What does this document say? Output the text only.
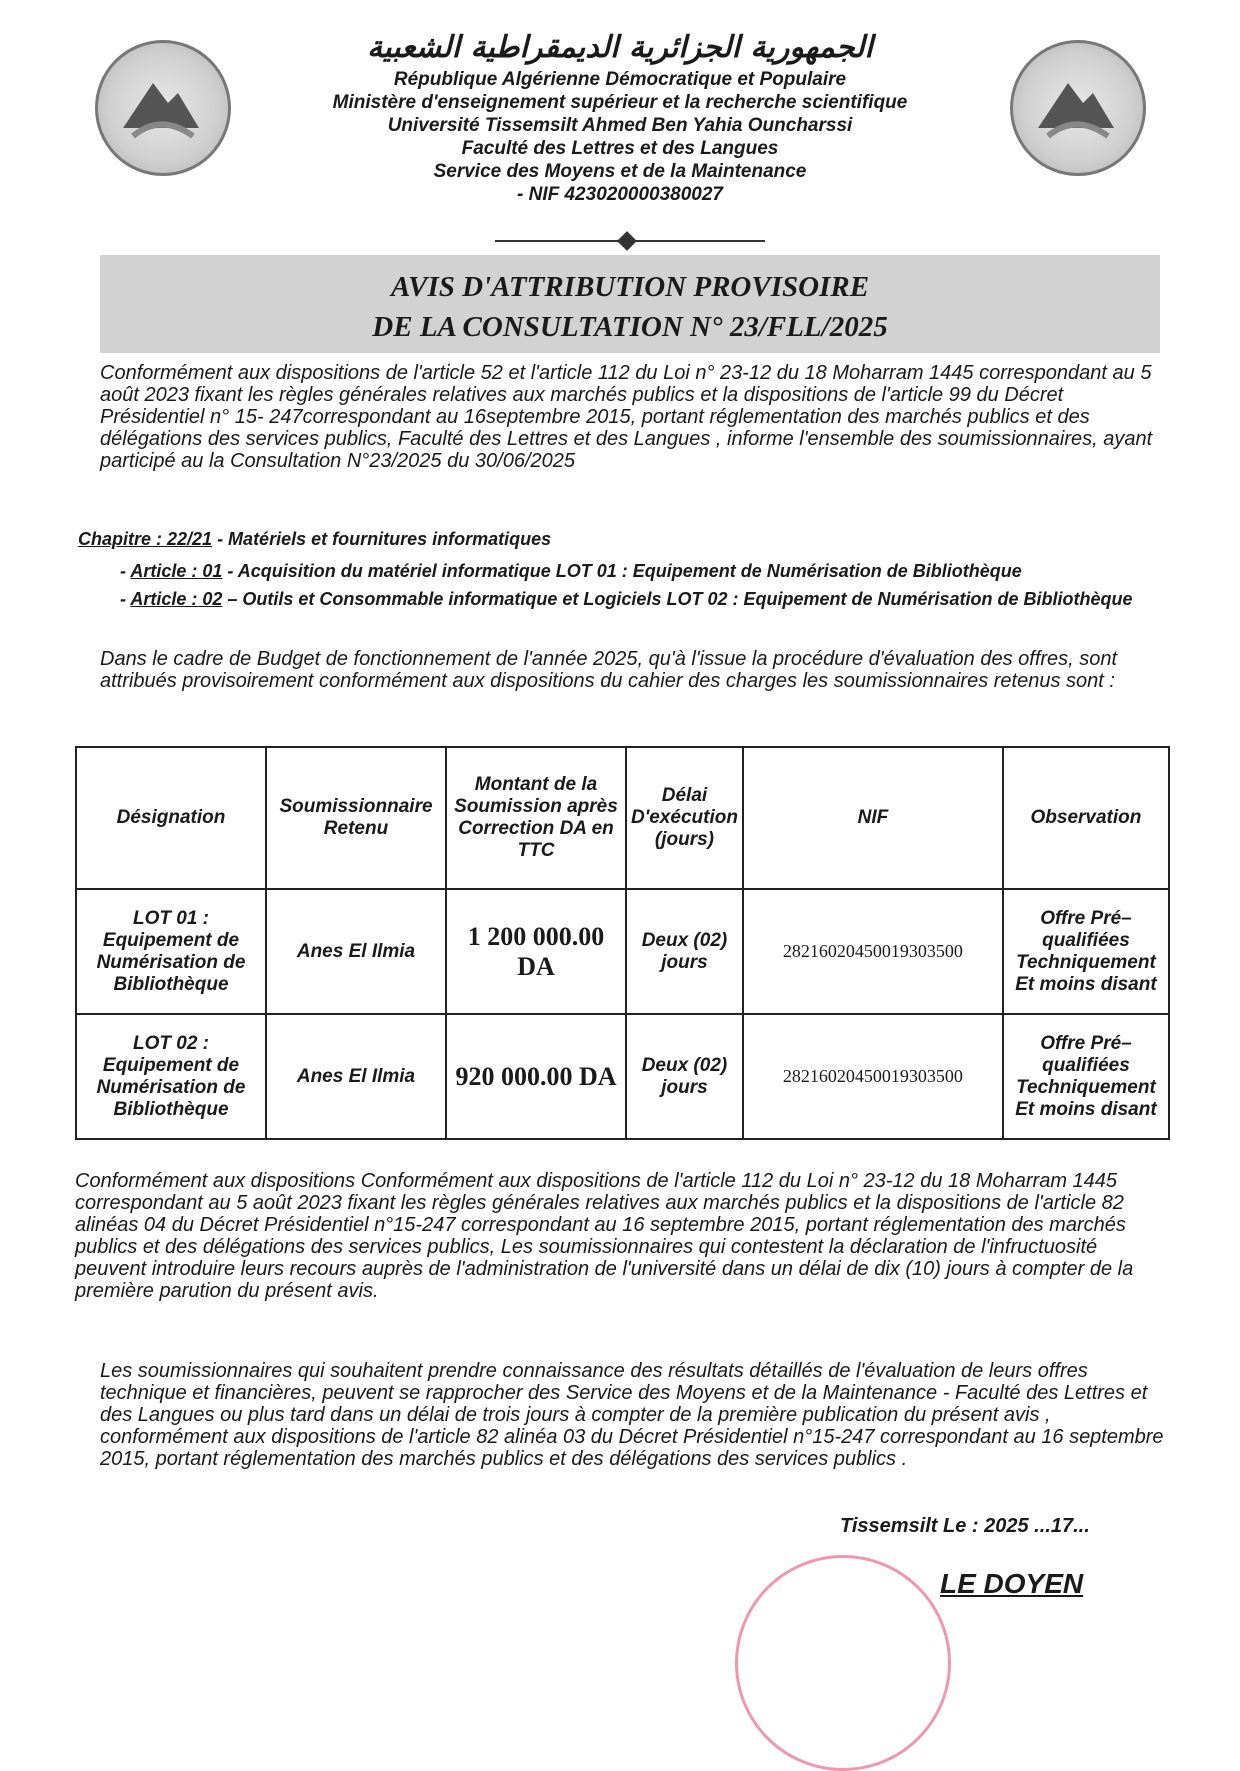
الجمهورية الجزائرية الديمقراطية الشعبية
République Algérienne Démocratique et Populaire
Ministère d'enseignement supérieur et la recherche scientifique
Université Tissemsilt Ahmed Ben Yahia Ouncharssi
Faculté des Lettres et des Langues
Service des Moyens et de la Maintenance
- NIF 423020000380027
AVIS D'ATTRIBUTION PROVISOIRE
DE LA CONSULTATION N° 23/FLL/2025
Conformément aux dispositions de l'article 52 et l'article 112 du Loi n° 23-12 du 18 Moharram 1445 correspondant au 5 août 2023 fixant les règles générales relatives aux marchés publics et la dispositions de l'article 99 du Décret Présidentiel n° 15- 247correspondant au 16septembre 2015, portant réglementation des marchés publics et des délégations des services publics, Faculté des Lettres et des Langues , informe l'ensemble des soumissionnaires, ayant participé au la Consultation N°23/2025 du 30/06/2025
Chapitre : 22/21 - Matériels et fournitures informatiques
- Article : 01 - Acquisition du matériel informatique LOT 01 : Equipement de Numérisation de Bibliothèque
- Article : 02 – Outils et Consommable informatique et Logiciels LOT 02 : Equipement de Numérisation de Bibliothèque
Dans le cadre de Budget de fonctionnement de l'année 2025, qu'à l'issue la procédure d'évaluation des offres, sont attribués provisoirement conformément aux dispositions du cahier des charges les soumissionnaires retenus sont :
Désignation	Soumissionnaire Retenu	Montant de la Soumission après Correction DA en TTC	Délai D'exécution (jours)	NIF	Observation
LOT 01 : Equipement de Numérisation de Bibliothèque	Anes El Ilmia	1 200 000.00 DA	Deux (02) jours	28216020450019303500	Offre Pré–qualifiées Techniquement Et moins disant
LOT 02 : Equipement de Numérisation de Bibliothèque	Anes El Ilmia	920 000.00 DA	Deux (02) jours	28216020450019303500	Offre Pré–qualifiées Techniquement Et moins disant
Conformément aux dispositions Conformément aux dispositions de l'article 112 du Loi n° 23-12 du 18 Moharram 1445 correspondant au 5 août 2023 fixant les règles générales relatives aux marchés publics et la dispositions de l'article 82 alinéas 04 du Décret Présidentiel n°15-247 correspondant au 16 septembre 2015, portant réglementation des marchés publics et des délégations des services publics, Les soumissionnaires qui contestent la déclaration de l'infructuosité peuvent introduire leurs recours auprès de l'administration de l'université dans un délai de dix (10) jours à compter de la première parution du présent avis.
Les soumissionnaires qui souhaitent prendre connaissance des résultats détaillés de l'évaluation de leurs offres technique et financières, peuvent se rapprocher des Service des Moyens et de la Maintenance - Faculté des Lettres et des Langues ou plus tard dans un délai de trois jours à compter de la première publication du présent avis , conformément aux dispositions de l'article 82 alinéa 03 du Décret Présidentiel n°15-247 correspondant au 16 septembre 2015, portant réglementation des marchés publics et des délégations des services publics .
Tissemsilt Le : 2025 ...17...
LE DOYEN
